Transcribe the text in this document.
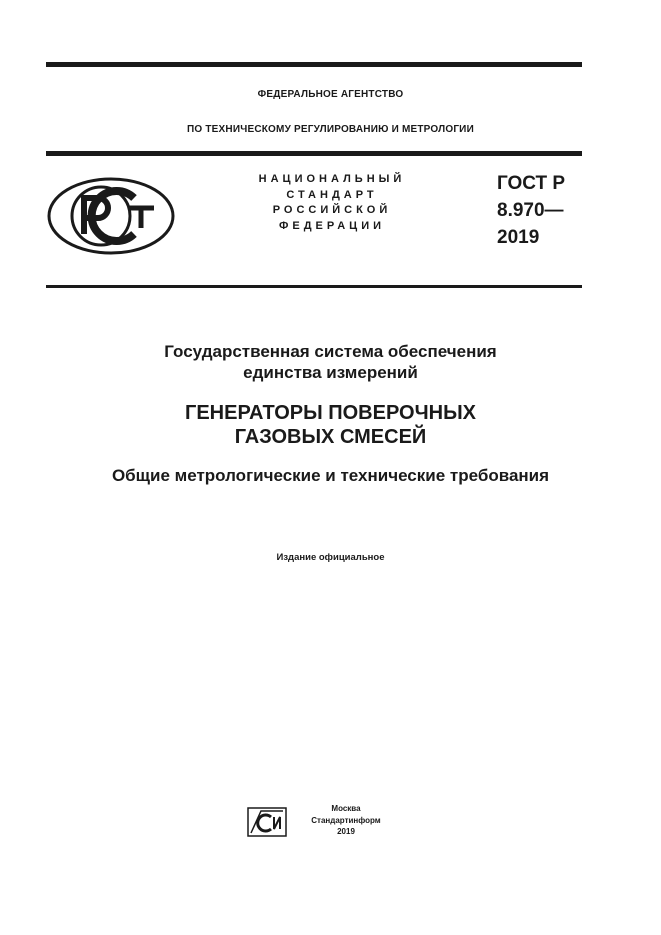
ФЕДЕРАЛЬНОЕ АГЕНТСТВО
ПО ТЕХНИЧЕСКОМУ РЕГУЛИРОВАНИЮ И МЕТРОЛОГИИ
НАЦИОНАЛЬНЫЙ
СТАНДАРТ
РОССИЙСКОЙ
ФЕДЕРАЦИИ
ГОСТ Р
8.970—
2019
Государственная система обеспечения
единства измерений
ГЕНЕРАТОРЫ ПОВЕРОЧНЫХ
ГАЗОВЫХ СМЕСЕЙ
Общие метрологические и технические требования
Издание официальное
Москва
Стандартинформ
2019
